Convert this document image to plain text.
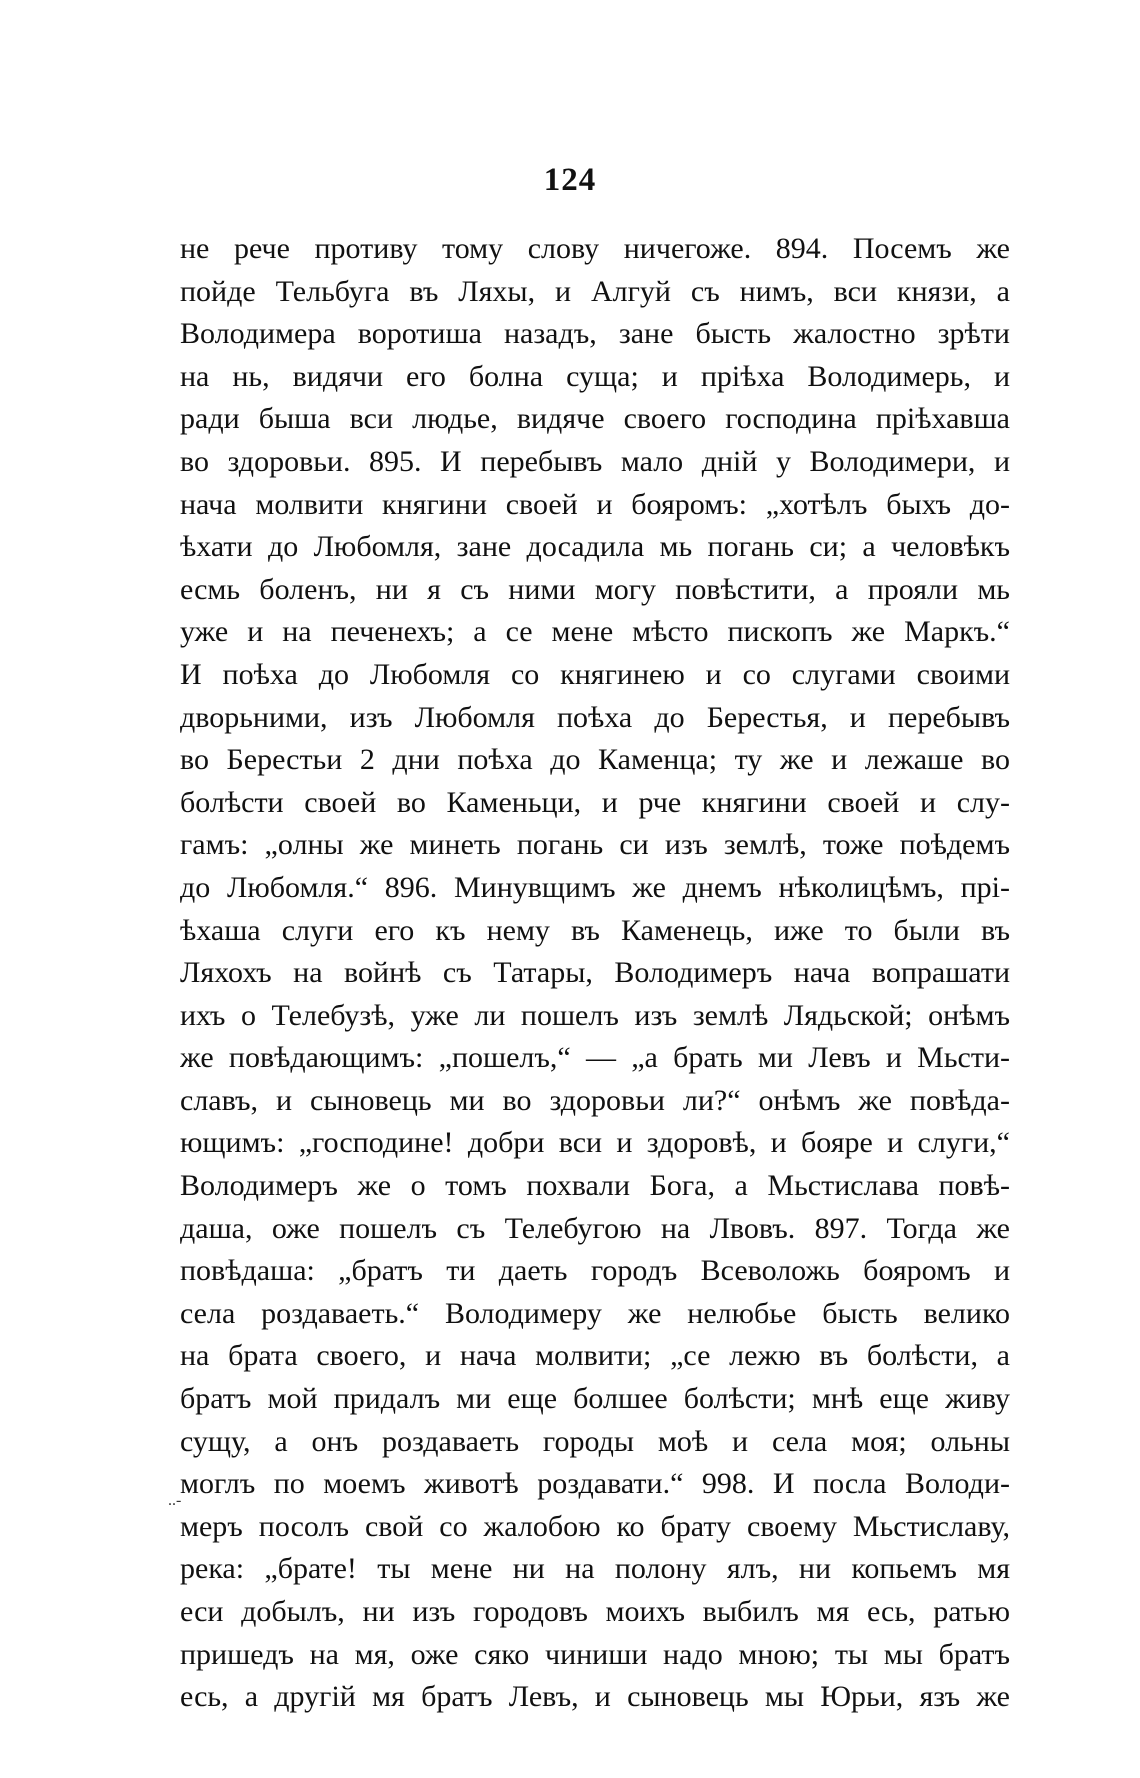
124
не рече противу тому слову ничегоже. 894. Посемъ же
пойде Тельбуга въ Ляхы, и Алгуй съ нимъ, вси князи, а
Володимера воротиша назадъ, зане бысть жалостно зрѣти
на нь, видячи его болна суща; и прiѣха Володимерь, и
ради быша вси людье, видяче своего господина прiѣхавша
во здоровьи. 895. И перебывъ мало днiй у Володимери, и
нача молвити княгини своей и бояромъ: „хотѣлъ быхъ до-
ѣхати до Любомля, зане досадила мь погань си; а человѣкъ
есмь боленъ, ни я съ ними могу повѣстити, а прояли мь
уже и на печенехъ; а се мене мѣсто пископъ же Маркъ.“
И поѣха до Любомля со княгинею и со слугами своими
дворьними, изъ Любомля поѣха до Берестья, и перебывъ
во Берестьи 2 дни поѣха до Каменца; ту же и лежаше во
болѣсти своей во Каменьци, и рче княгини своей и слу-
гамъ: „олны же минеть погань си изъ землѣ, тоже поѣдемъ
до Любомля.“ 896. Минувщимъ же днемъ нѣколицѣмъ, прi-
ѣхаша слуги его къ нему въ Каменець, иже то были въ
Ляхохъ на войнѣ съ Татары, Володимеръ нача вопрашати
ихъ о Телебузѣ, уже ли пошелъ изъ землѣ Лядьской; онѣмъ
же повѣдающимъ: „пошелъ,“ — „а брать ми Левъ и Мьсти-
славъ, и сыновець ми во здоровьи ли?“ онѣмъ же повѣда-
ющимъ: „господине! добри вси и здоровѣ, и бояре и слуги,“
Володимеръ же о томъ похвали Бога, а Мьстислава повѣ-
даша, оже пошелъ съ Телебугою на Лвовъ. 897. Тогда же
повѣдаша: „братъ ти даеть городъ Всеволожь бояромъ и
села роздаваеть.“ Володимеру же нелюбье бысть велико
на брата своего, и нача молвити; „се лежю въ болѣсти, а
братъ мой придалъ ми еще болшее болѣсти; мнѣ еще живу
сущу, а онъ роздаваеть городы моѣ и села моя; ольны
моглъ по моемъ животѣ роздавати.“ 998. И посла Володи-
меръ посолъ свой со жалобою ко брату своему Мьстиславу,
река: „брате! ты мене ни на полону ялъ, ни копьемъ мя
еси добылъ, ни изъ городовъ моихъ выбилъ мя есь, ратью
пришедъ на мя, оже сяко чиниши надо мною; ты мы братъ
есь, а другiй мя братъ Левъ, и сыновець мы Юрьи, язъ же
..-
